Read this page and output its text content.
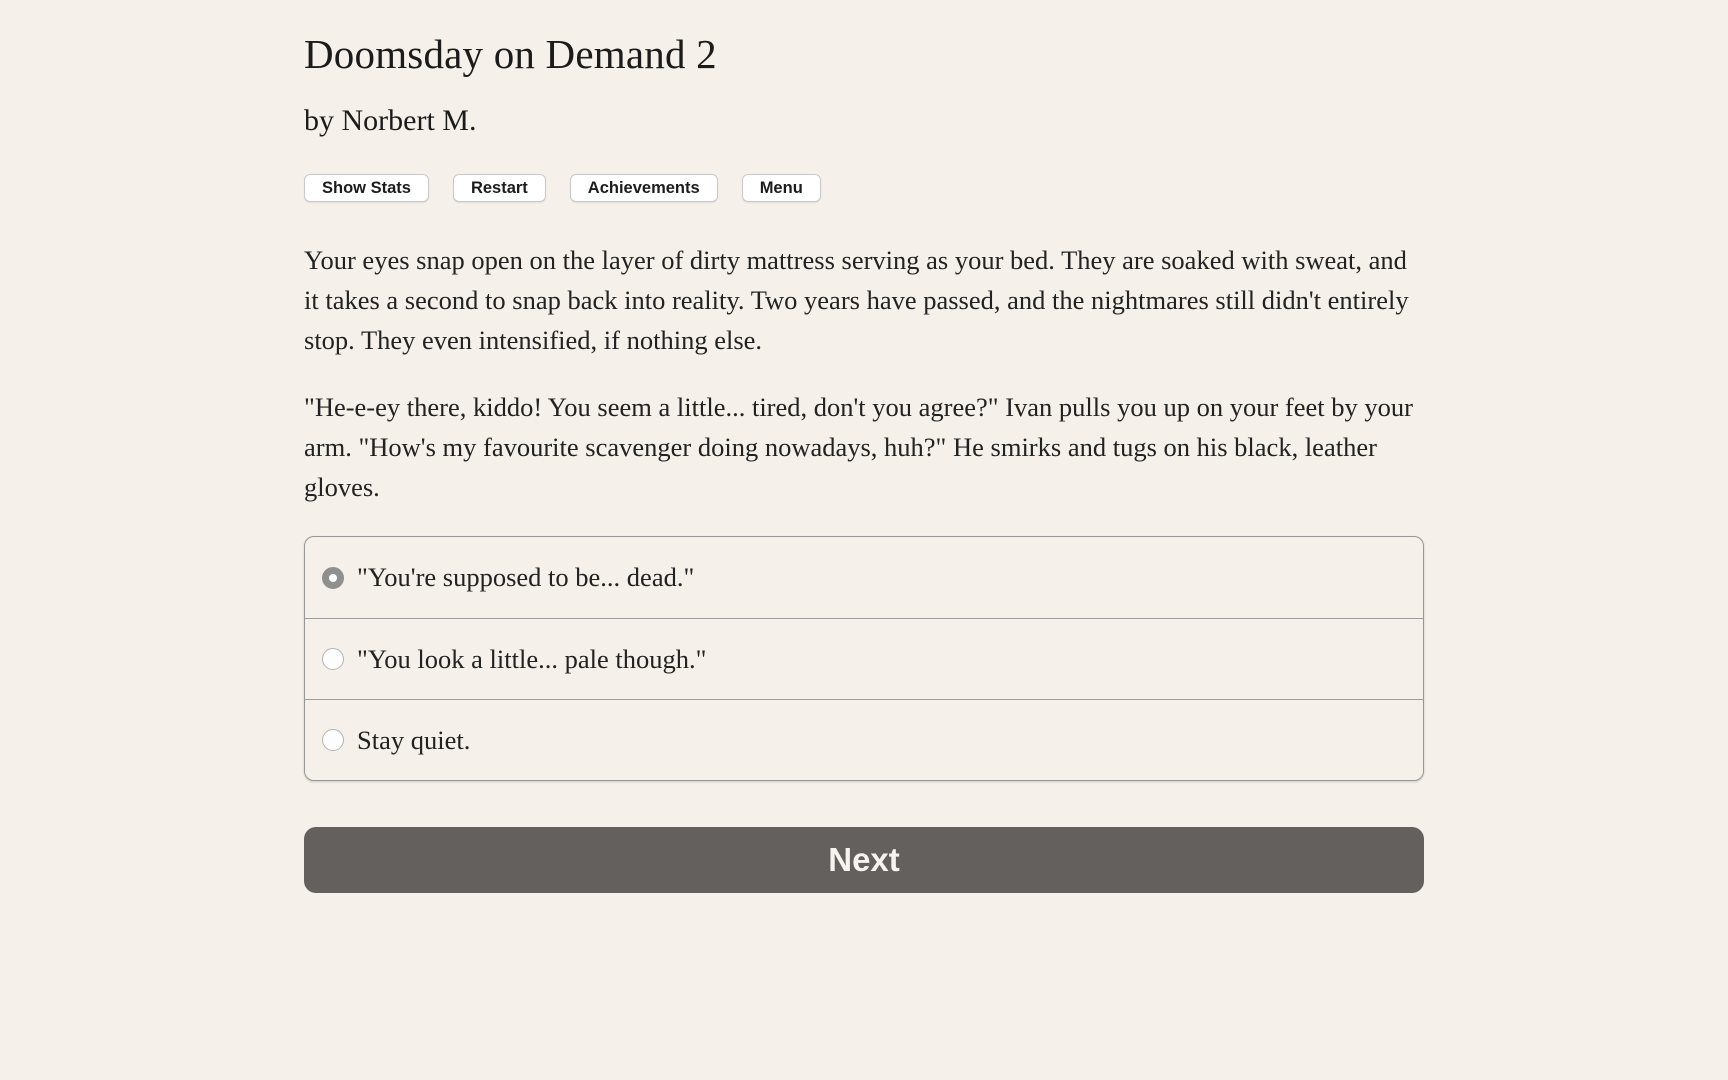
Doomsday on Demand 2
by Norbert M.
Show Stats	Restart	Achievements	Menu

Your eyes snap open on the layer of dirty mattress serving as your bed. They are soaked with sweat, and it takes a second to snap back into reality. Two years have passed, and the nightmares still didn't entirely stop. They even intensified, if nothing else.

"He-e-ey there, kiddo! You seem a little... tired, don't you agree?" Ivan pulls you up on your feet by your arm. "How's my favourite scavenger doing nowadays, huh?" He smirks and tugs on his black, leather gloves.

"You're supposed to be... dead."
"You look a little... pale though."
Stay quiet.
Next
